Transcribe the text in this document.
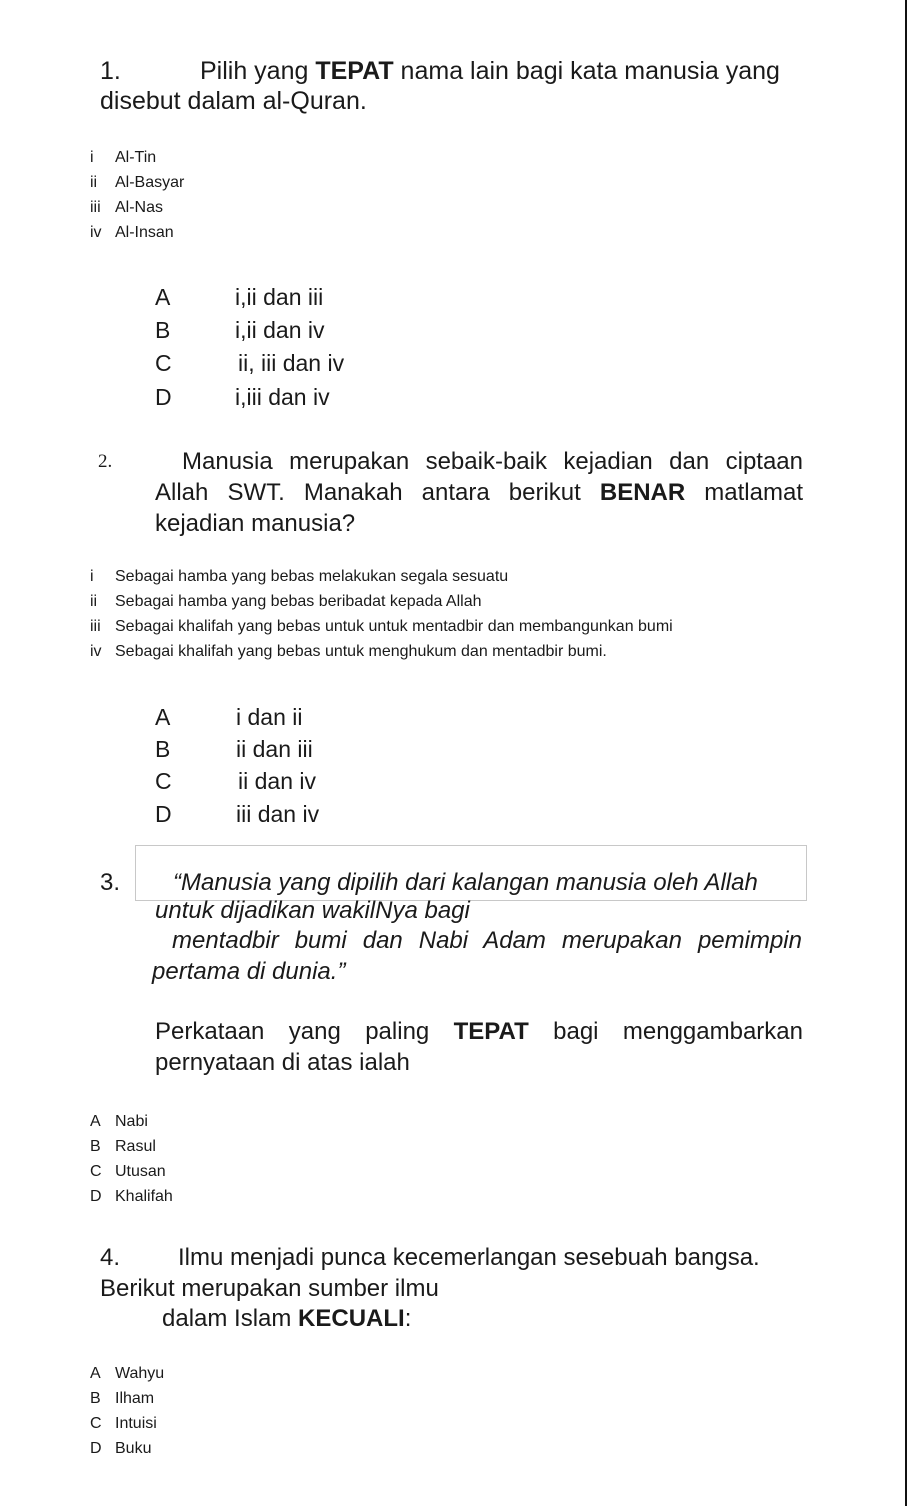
1.	Pilih yang TEPAT nama lain bagi kata manusia yang
disebut dalam al-Quran.
i	Al-Tin
ii	Al-Basyar
iii Al-Nas
iv Al-Insan
A	i,ii dan iii
B	i,ii dan iv
C	ii, iii dan iv
D	i,iii dan iv
2.	Manusia merupakan sebaik-baik kejadian dan ciptaan Allah SWT. Manakah antara berikut BENAR matlamat kejadian manusia?
i	Sebagai hamba yang bebas melakukan segala sesuatu
ii	Sebagai hamba yang bebas beribadat kepada Allah
iii Sebagai khalifah yang bebas untuk untuk mentadbir dan membangunkan bumi
iv Sebagai khalifah yang bebas untuk menghukum dan mentadbir bumi.
A	i dan ii
B	ii dan iii
C	ii dan iv
D	iii dan iv
3. “Manusia yang dipilih dari kalangan manusia oleh Allah
untuk dijadikan wakilNya bagi
mentadbir bumi dan Nabi Adam merupakan pemimpin pertama di dunia.”
Perkataan yang paling TEPAT bagi menggambarkan pernyataan di atas ialah
A Nabi
B Rasul
C Utusan
D Khalifah
4. Ilmu menjadi punca kecemerlangan sesebuah bangsa.
Berikut merupakan sumber ilmu
dalam Islam KECUALI:
A Wahyu
B Ilham
C Intuisi
D Buku
